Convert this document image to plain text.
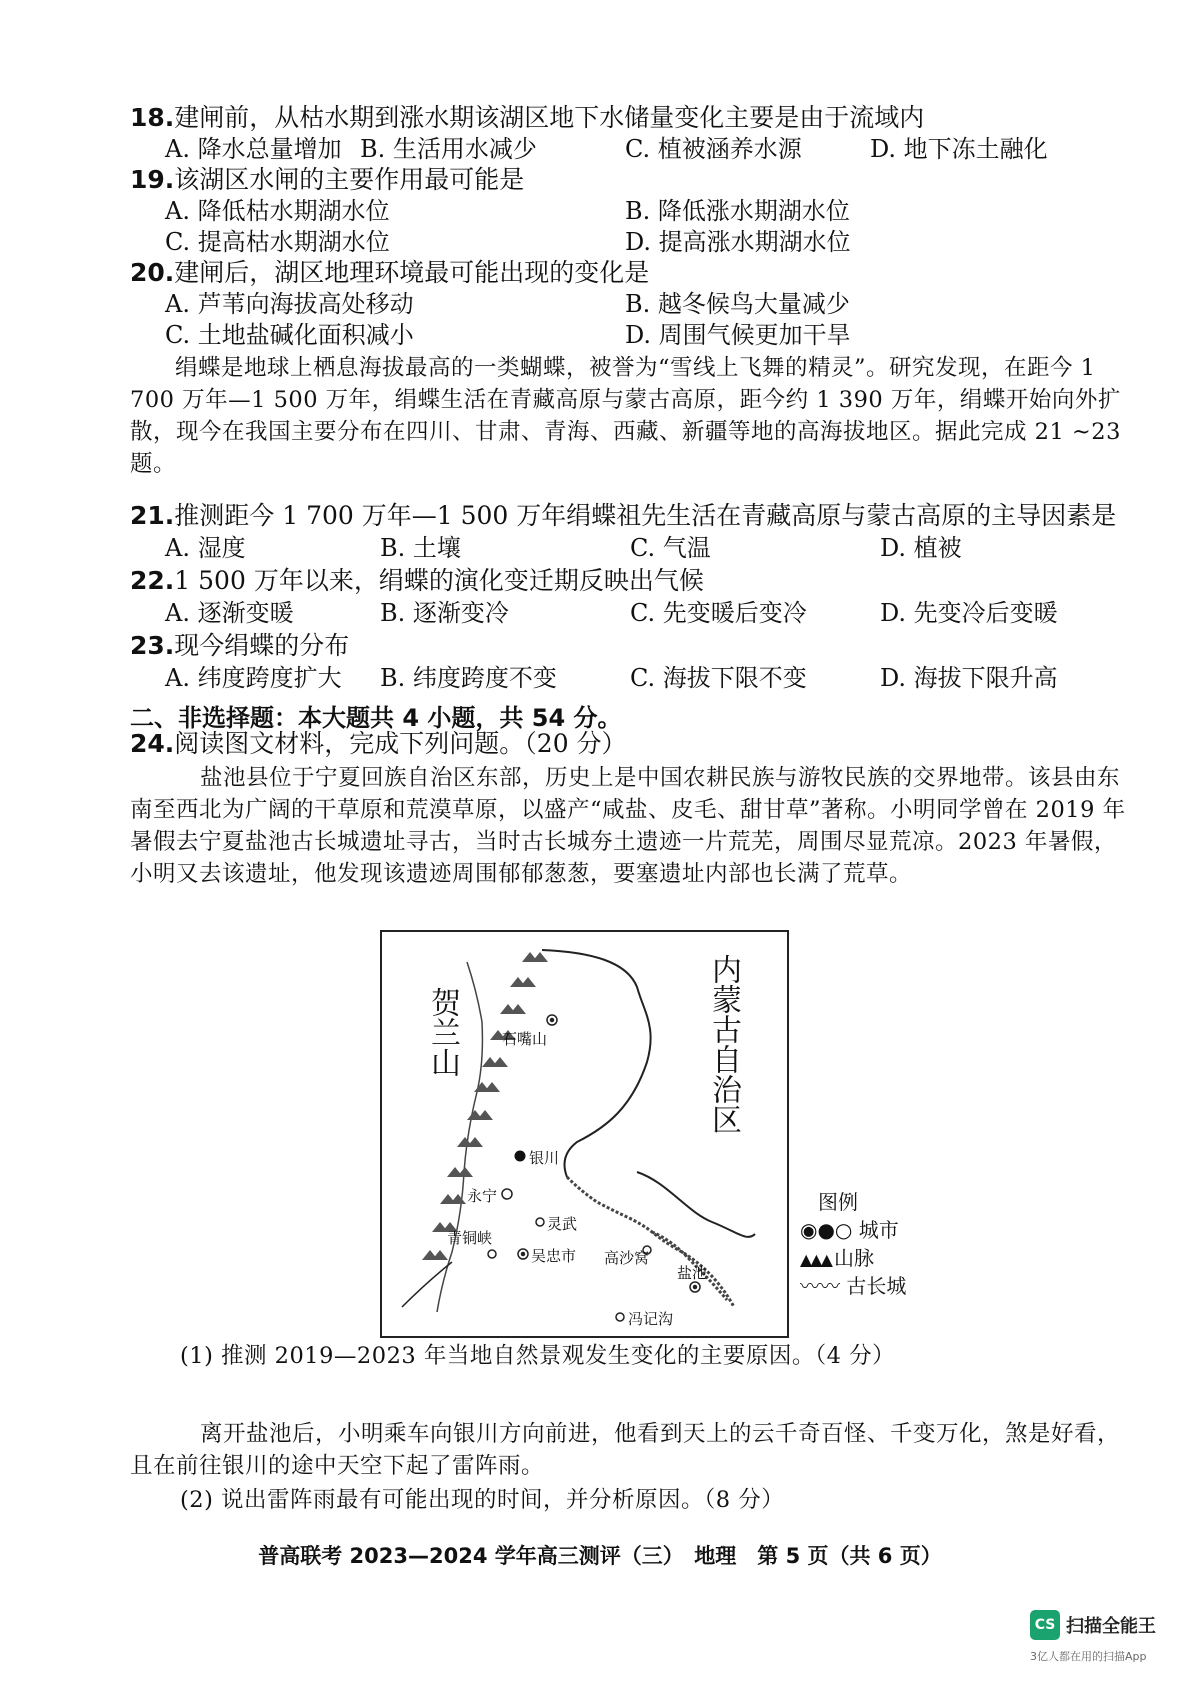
18.建闸前，从枯水期到涨水期该湖区地下水储量变化主要是由于流域内
A. 降水总量增加 B. 生活用水减少	C. 植被涵养水源	D. 地下冻土融化
19.该湖区水闸的主要作用最可能是
A. 降低枯水期湖水位	B. 降低涨水期湖水位
C. 提高枯水期湖水位	D. 提高涨水期湖水位
20.建闸后，湖区地理环境最可能出现的变化是
A. 芦苇向海拔高处移动	B. 越冬候鸟大量减少
C. 土地盐碱化面积减小	D. 周围气候更加干旱
绢蝶是地球上栖息海拔最高的一类蝴蝶，被誉为“雪线上飞舞的精灵”。研究发现，在距今 1 700 万年—1 500 万年，绢蝶生活在青藏高原与蒙古高原，距今约 1 390 万年，绢蝶开始向外扩散，现今在我国主要分布在四川、甘肃、青海、西藏、新疆等地的高海拔地区。据此完成 21 ~23 题。
21.推测距今 1 700 万年—1 500 万年绢蝶祖先生活在青藏高原与蒙古高原的主导因素是
A. 湿度	B. 土壤	C. 气温	D. 植被
22.1 500 万年以来，绢蝶的演化变迁期反映出气候
A. 逐渐变暖	B. 逐渐变冷	C. 先变暖后变冷	D. 先变冷后变暖
23.现今绢蝶的分布
A. 纬度跨度扩大 B. 纬度跨度不变	C. 海拔下限不变	D. 海拔下限升高
二、非选择题：本大题共 4 小题，共 54 分。
24.阅读图文材料，完成下列问题。（20 分）
盐池县位于宁夏回族自治区东部，历史上是中国农耕民族与游牧民族的交界地带。该县由东南至西北为广阔的干草原和荒漠草原，以盛产“咸盐、皮毛、甜甘草”著称。小明同学曾在 2019 年暑假去宁夏盐池古长城遗址寻古，当时古长城夯土遗迹一片荒芜，周围尽显荒凉。2023 年暑假，小明又去该遗址，他发现该遗迹周围郁郁葱葱，要塞遗址内部也长满了荒草。
贺兰山	内蒙古自治区
石嘴山
银川
永宁
灵武
青铜峡
吴忠市 高沙窝
盐池
冯记沟
图例
◉●○ 城市
▲▲▲ 山脉
〰〰 古长城
(1) 推测 2019—2023 年当地自然景观发生变化的主要原因。（4 分）
离开盐池后，小明乘车向银川方向前进，他看到天上的云千奇百怪、千变万化，煞是好看，且在前往银川的途中天空下起了雷阵雨。
(2) 说出雷阵雨最有可能出现的时间，并分析原因。（8 分）
普高联考 2023—2024 学年高三测评（三）　地理　第 5 页（共 6 页）
CS 扫描全能王
3亿人都在用的扫描App
